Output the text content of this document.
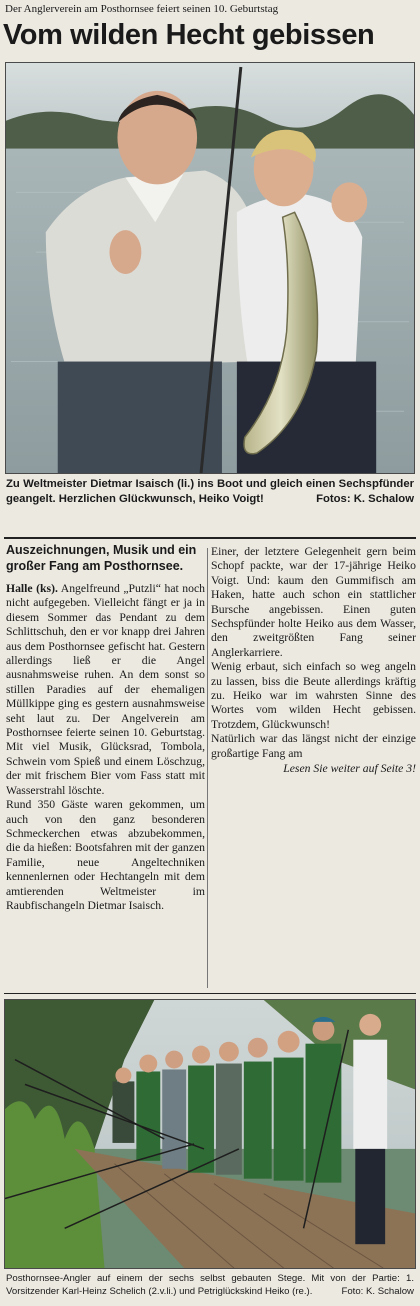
Der Anglerverein am Posthornsee feiert seinen 10. Geburtstag
Vom wilden Hecht gebissen
Zu Weltmeister Dietmar Isaisch (li.) ins Boot und gleich einen Sechspfünder geangelt. Herzlichen Glückwunsch, Heiko Voigt!	Fotos: K. Schalow
Auszeichnungen, Musik und ein großer Fang am Posthornsee.

Halle (ks). Angelfreund „Putzli“ hat noch nicht aufgegeben. Vielleicht fängt er ja in diesem Sommer das Pendant zu dem Schlittschuh, den er vor knapp drei Jahren aus dem Posthornsee gefischt hat. Gestern allerdings ließ er die Angel ausnahmsweise ruhen. An dem sonst so stillen Paradies auf der ehemaligen Müllkippe ging es gestern ausnahmsweise seht laut zu. Der Angelverein am Posthornsee feierte seinen 10. Geburtstag. Mit viel Musik, Glücksrad, Tombola, Schwein vom Spieß und einem Löschzug, der mit frischem Bier vom Fass statt mit Wasserstrahl löschte.

Rund 350 Gäste waren gekommen, um auch von den ganz besonderen Schmeckerchen etwas abzubekommen, die da hießen: Bootsfahren mit der ganzen Familie, neue Angeltechniken kennenlernen oder Hechtangeln mit dem amtierenden Weltmeister im Raubfischangeln Dietmar Isaisch.

Einer, der letztere Gelegenheit gern beim Schopf packte, war der 17-jährige Heiko Voigt. Und: kaum den Gummifisch am Haken, hatte auch schon ein stattlicher Bursche angebissen. Einen guten Sechspfünder holte Heiko aus dem Wasser, den zweitgrößten Fang seiner Anglerkarriere.

Wenig erbaut, sich einfach so weg angeln zu lassen, biss die Beute allerdings kräftig zu. Heiko war im wahrsten Sinne des Wortes vom wilden Hecht gebissen. Trotzdem, Glückwunsch!

Natürlich war das längst nicht der einzige großartige Fang am

Lesen Sie weiter auf Seite 3!
Posthornsee-Angler auf einem der sechs selbst gebauten Stege. Mit von der Partie: 1. Vorsitzender Karl-Heinz Schelich (2.v.li.) und Petriglückskind Heiko (re.).	Foto: K. Schalow
